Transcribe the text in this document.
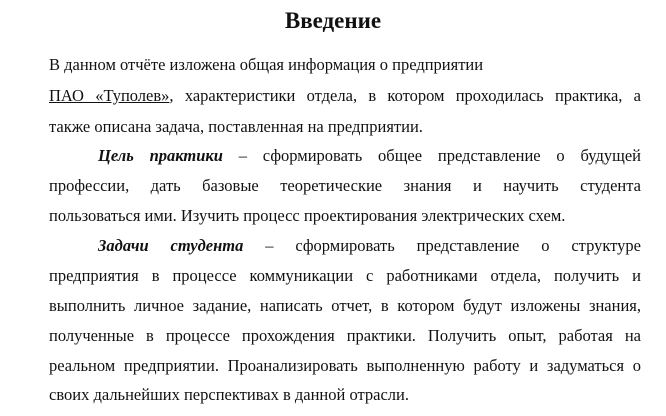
Введение
В данном отчёте изложена общая информация о предприятии
ПАО «Туполев», характеристики отдела, в котором проходилась практика, а
также описана задача, поставленная на предприятии.
Цель практики – сформировать общее представление о будущей
профессии, дать базовые теоретические знания и научить студента
пользоваться ими. Изучить процесс проектирования электрических схем.
Задачи студента – сформировать представление о структуре
предприятия в процессе коммуникации с работниками отдела, получить и
выполнить личное задание, написать отчет, в котором будут изложены знания,
полученные в процессе прохождения практики. Получить опыт, работая на
реальном предприятии. Проанализировать выполненную работу и задуматься о
своих дальнейших перспективах в данной отрасли.
